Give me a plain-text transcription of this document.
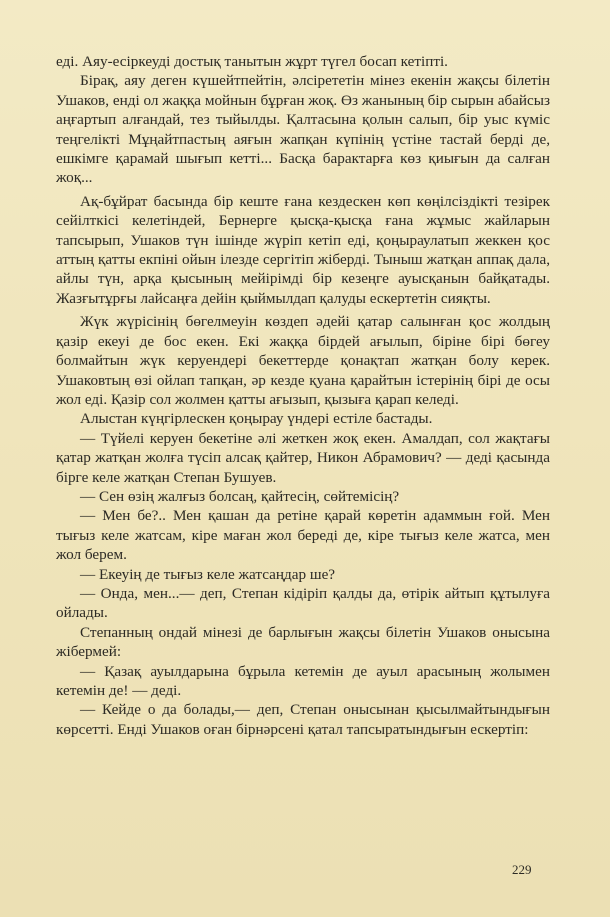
еді. Аяу-есіркеуді достық танытын жұрт түгел босап кетіпті.

Бірақ, аяу деген күшейтпейтін, әлсірететін мінез екенін жақсы білетін Ушаков, енді ол жаққа мойнын бұрған жоқ. Өз жанының бір сырын абайсыз аңғартып алғандай, тез тыйылды. Қалтасына қолын салып, бір уыс күміс теңгелікті Мұңайтпастың аяғын жапқан күпінің үстіне тастай берді де, ешкімге қарамай шығып кетті... Басқа барактарға көз қиығын да салған жоқ...

Ақ-бұйрат басында бір кеште ғана кездескен көп көңілсіздікті тезірек сейілткісі келетіндей, Бернерге қысқа-қысқа ғана жұмыс жайларын тапсырып, Ушаков түн ішінде жүріп кетіп еді, қоңыраулатып жеккен қос аттың қатты екпіні ойын ілезде сергітіп жіберді. Тыныш жатқан аппақ дала, айлы түн, арқа қысының мейірімді бір кезеңге ауысқанын байқатады. Жазғытұрғы лайсаңға дейін қыймылдап қалуды ескертетін сияқты.

Жүк жүрісінің бөгелмеуін көздеп әдейі қатар салынған қос жолдың қазір екеуі де бос екен. Екі жаққа бірдей ағылып, біріне бірі бөгеу болмайтын жүк керуендері бекеттерде қонақтап жатқан болу керек. Ушаковтың өзі ойлап тапқан, әр кезде қуана қарайтын істерінің бірі де осы жол еді. Қазір сол жолмен қатты ағызып, қызыға қарап келеді.

Алыстан күңгірлескен қоңырау үндері естіле бастады.

— Түйелі керуен бекетіне әлі жеткен жоқ екен. Амалдап, сол жақтағы қатар жатқан жолға түсіп алсақ қайтер, Никон Абрамович? — деді қасында бірге келе жатқан Степан Бушуев.

— Сен өзің жалғыз болсаң, қайтесің, сөйтемісің?

— Мен бе?.. Мен қашан да ретіне қарай көретін адаммын ғой. Мен тығыз келе жатсам, кіре маған жол береді де, кіре тығыз келе жатса, мен жол берем.

— Екеуің де тығыз келе жатсаңдар ше?

— Онда, мен...— деп, Степан кідіріп қалды да, өтірік айтып құтылуға ойлады.

Степанның ондай мінезі де барлығын жақсы білетін Ушаков онысына жібермей:

— Қазақ ауылдарына бұрыла кетемін де ауыл арасының жолымен кетемін де! — деді.

— Кейде о да болады,— деп, Степан онысынан қысылмайтындығын көрсетті. Енді Ушаков оған бірнәрсені қатал тапсыратындығын ескертіп:

229
